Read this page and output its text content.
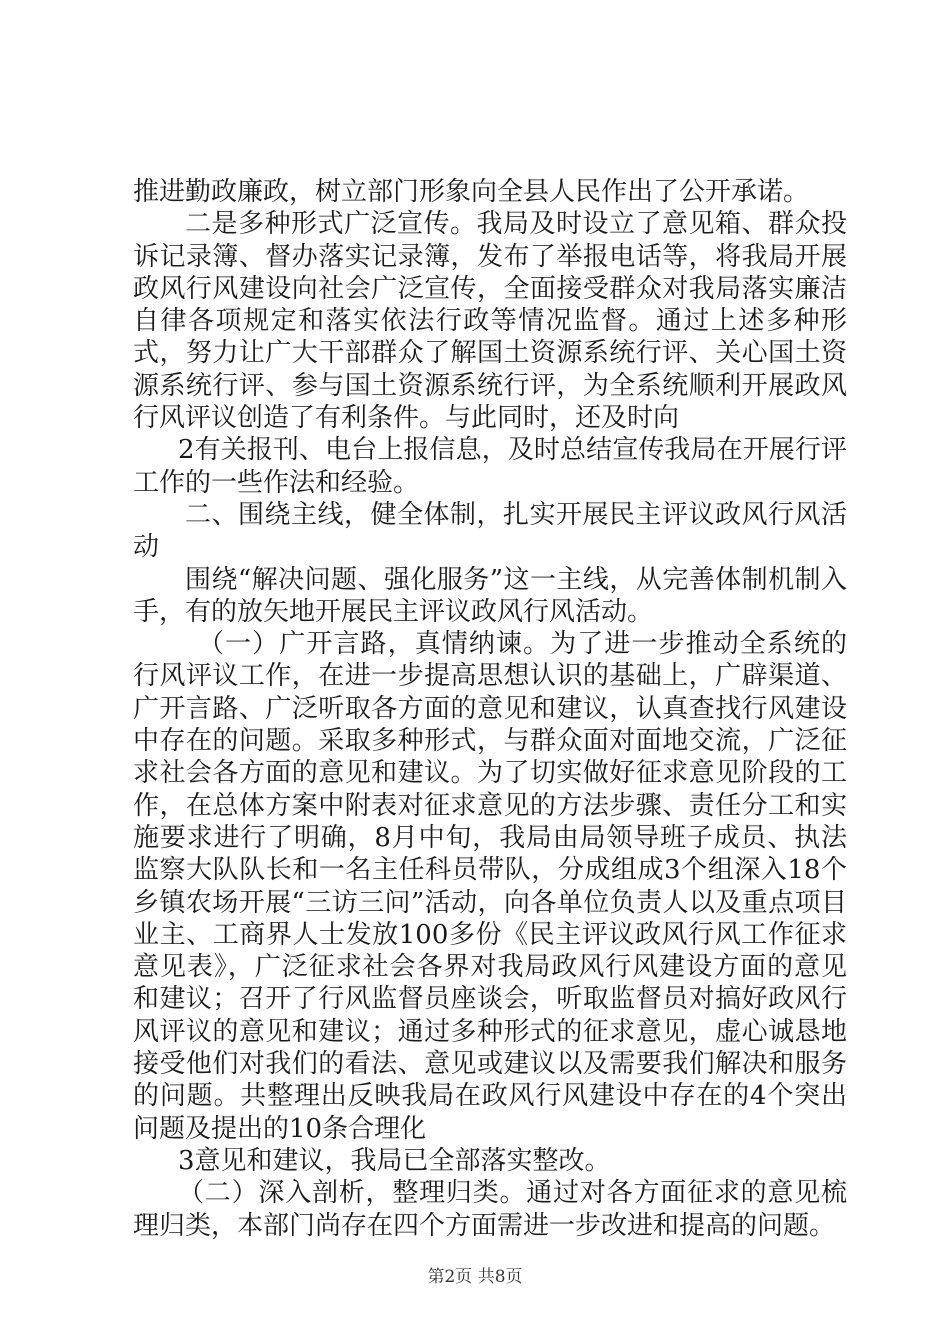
推进勤政廉政，树立部门形象向全县人民作出了公开承诺。

二是多种形式广泛宣传。我局及时设立了意见箱、群众投诉记录簿、督办落实记录簿，发布了举报电话等，将我局开展政风行风建设向社会广泛宣传，全面接受群众对我局落实廉洁自律各项规定和落实依法行政等情况监督。通过上述多种形式，努力让广大干部群众了解国土资源系统行评、关心国土资源系统行评、参与国土资源系统行评，为全系统顺利开展政风行风评议创造了有利条件。与此同时，还及时向

2有关报刊、电台上报信息，及时总结宣传我局在开展行评工作的一些作法和经验。

二、围绕主线，健全体制，扎实开展民主评议政风行风活动

围绕“解决问题、强化服务”这一主线，从完善体制机制入手，有的放矢地开展民主评议政风行风活动。

（一）广开言路，真情纳谏。为了进一步推动全系统的行风评议工作，在进一步提高思想认识的基础上，广辟渠道、广开言路、广泛听取各方面的意见和建议，认真查找行风建设中存在的问题。采取多种形式，与群众面对面地交流，广泛征求社会各方面的意见和建议。为了切实做好征求意见阶段的工作，在总体方案中附表对征求意见的方法步骤、责任分工和实施要求进行了明确，8月中旬，我局由局领导班子成员、执法监察大队队长和一名主任科员带队，分成组成3个组深入18个乡镇农场开展“三访三问”活动，向各单位负责人以及重点项目业主、工商界人士发放100多份《民主评议政风行风工作征求意见表》，广泛征求社会各界对我局政风行风建设方面的意见和建议；召开了行风监督员座谈会，听取监督员对搞好政风行风评议的意见和建议；通过多种形式的征求意见，虚心诚恳地接受他们对我们的看法、意见或建议以及需要我们解决和服务的问题。共整理出反映我局在政风行风建设中存在的4个突出问题及提出的10条合理化

3意见和建议，我局已全部落实整改。

（二）深入剖析，整理归类。通过对各方面征求的意见梳理归类，本部门尚存在四个方面需进一步改进和提高的问题。

第2页 共8页
